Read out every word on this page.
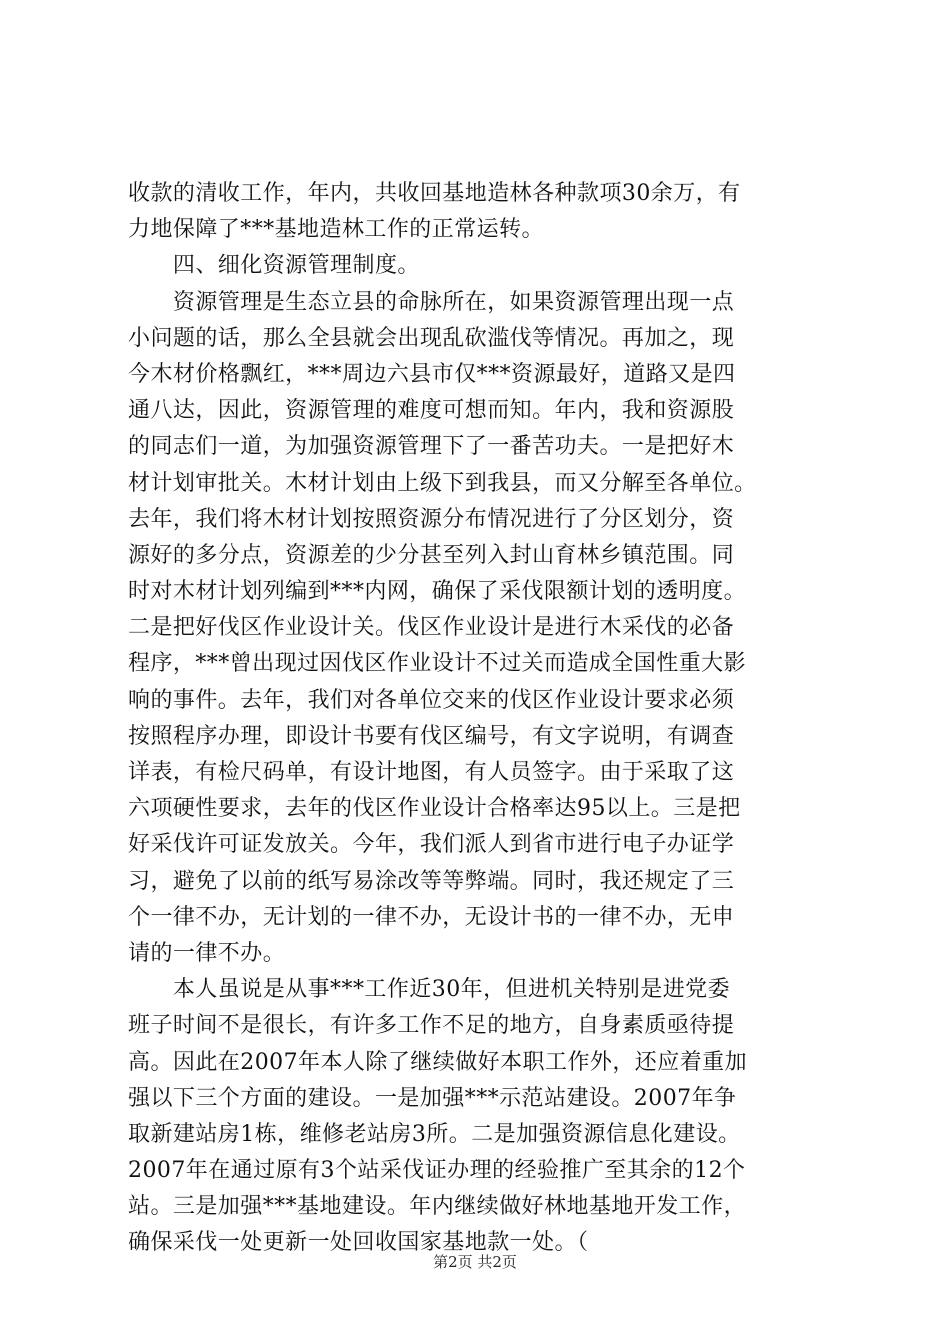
收款的清收工作，年内，共收回基地造林各种款项30余万，有
力地保障了***基地造林工作的正常运转。
　　四、细化资源管理制度。
　　资源管理是生态立县的命脉所在，如果资源管理出现一点
小问题的话，那么全县就会出现乱砍滥伐等情况。再加之，现
今木材价格飘红，***周边六县市仅***资源最好，道路又是四
通八达，因此，资源管理的难度可想而知。年内，我和资源股
的同志们一道，为加强资源管理下了一番苦功夫。一是把好木
材计划审批关。木材计划由上级下到我县，而又分解至各单位。
去年，我们将木材计划按照资源分布情况进行了分区划分，资
源好的多分点，资源差的少分甚至列入封山育林乡镇范围。同
时对木材计划列编到***内网，确保了采伐限额计划的透明度。
二是把好伐区作业设计关。伐区作业设计是进行木采伐的必备
程序，***曾出现过因伐区作业设计不过关而造成全国性重大影
响的事件。去年，我们对各单位交来的伐区作业设计要求必须
按照程序办理，即设计书要有伐区编号，有文字说明，有调查
详表，有检尺码单，有设计地图，有人员签字。由于采取了这
六项硬性要求，去年的伐区作业设计合格率达95以上。三是把
好采伐许可证发放关。今年，我们派人到省市进行电子办证学
习，避免了以前的纸写易涂改等等弊端。同时，我还规定了三
个一律不办，无计划的一律不办，无设计书的一律不办，无申
请的一律不办。
　　本人虽说是从事***工作近30年，但进机关特别是进党委
班子时间不是很长，有许多工作不足的地方，自身素质亟待提
高。因此在2007年本人除了继续做好本职工作外，还应着重加
强以下三个方面的建设。一是加强***示范站建设。2007年争
取新建站房1栋，维修老站房3所。二是加强资源信息化建设。
2007年在通过原有3个站采伐证办理的经验推广至其余的12个
站。三是加强***基地建设。年内继续做好林地基地开发工作，
确保采伐一处更新一处回收国家基地款一处。（
第2页 共2页
